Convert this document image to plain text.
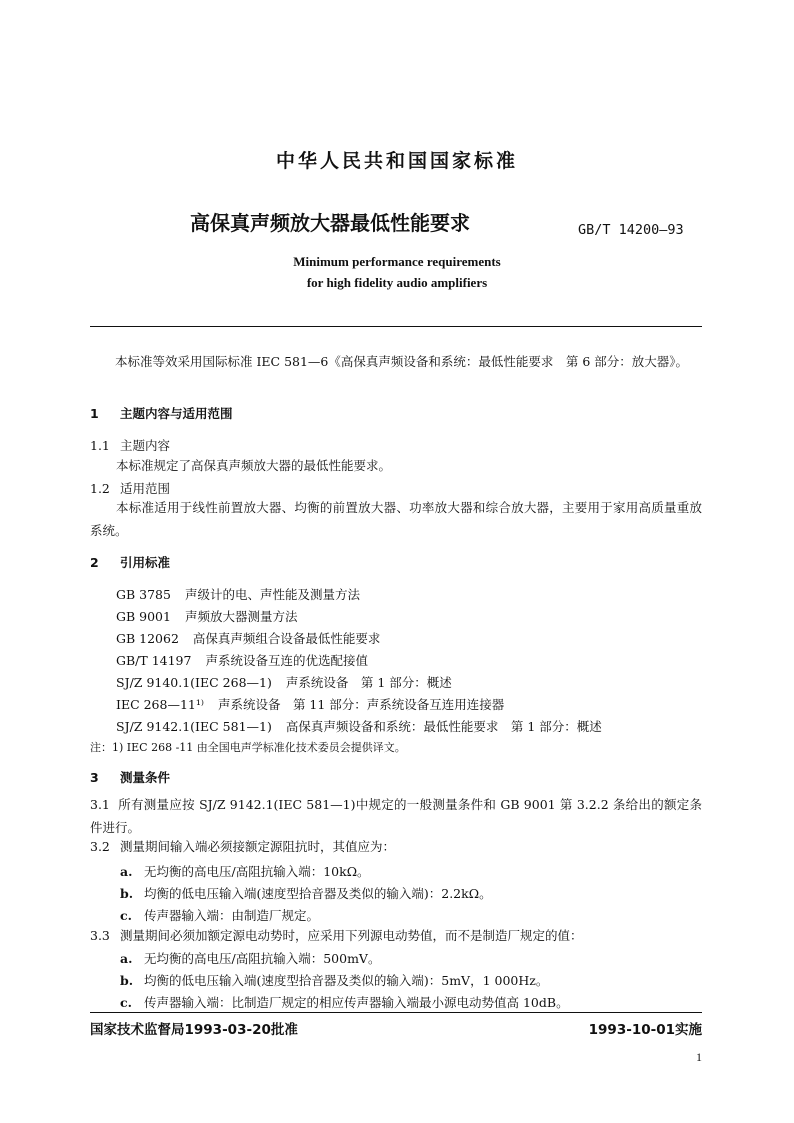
中华人民共和国国家标准
高保真声频放大器最低性能要求	GB/T 14200—93
Minimum performance requirements
for high fidelity audio amplifiers
本标准等效采用国际标准 IEC 581—6《高保真声频设备和系统：最低性能要求　第 6 部分：放大器》。
1 主题内容与适用范围
1.1 主题内容
本标准规定了高保真声频放大器的最低性能要求。
1.2 适用范围
本标准适用于线性前置放大器、均衡的前置放大器、功率放大器和综合放大器，主要用于家用高质量重放系统。
2 引用标准
GB 3785 声级计的电、声性能及测量方法
GB 9001 声频放大器测量方法
GB 12062 高保真声频组合设备最低性能要求
GB/T 14197 声系统设备互连的优选配接值
SJ/Z 9140.1(IEC 268—1) 声系统设备　第 1 部分：概述
IEC 268—11¹⁾ 声系统设备　第 11 部分：声系统设备互连用连接器
SJ/Z 9142.1(IEC 581—1) 高保真声频设备和系统：最低性能要求　第 1 部分：概述
注：1) IEC 268 -11 由全国电声学标准化技术委员会提供译文。
3 测量条件
3.1 所有测量应按 SJ/Z 9142.1(IEC 581—1)中规定的一般测量条件和 GB 9001 第 3.2.2 条给出的额定条件进行。
3.2 测量期间输入端必须接额定源阻抗时，其值应为：
a. 无均衡的高电压/高阻抗输入端：10kΩ。
b. 均衡的低电压输入端(速度型拾音器及类似的输入端)：2.2kΩ。
c. 传声器输入端：由制造厂规定。
3.3 测量期间必须加额定源电动势时，应采用下列源电动势值，而不是制造厂规定的值：
a. 无均衡的高电压/高阻抗输入端：500mV。
b. 均衡的低电压输入端(速度型拾音器及类似的输入端)：5mV，1 000Hz。
c. 传声器输入端：比制造厂规定的相应传声器输入端最小源电动势值高 10dB。
国家技术监督局1993-03-20批准	1993-10-01实施
1
